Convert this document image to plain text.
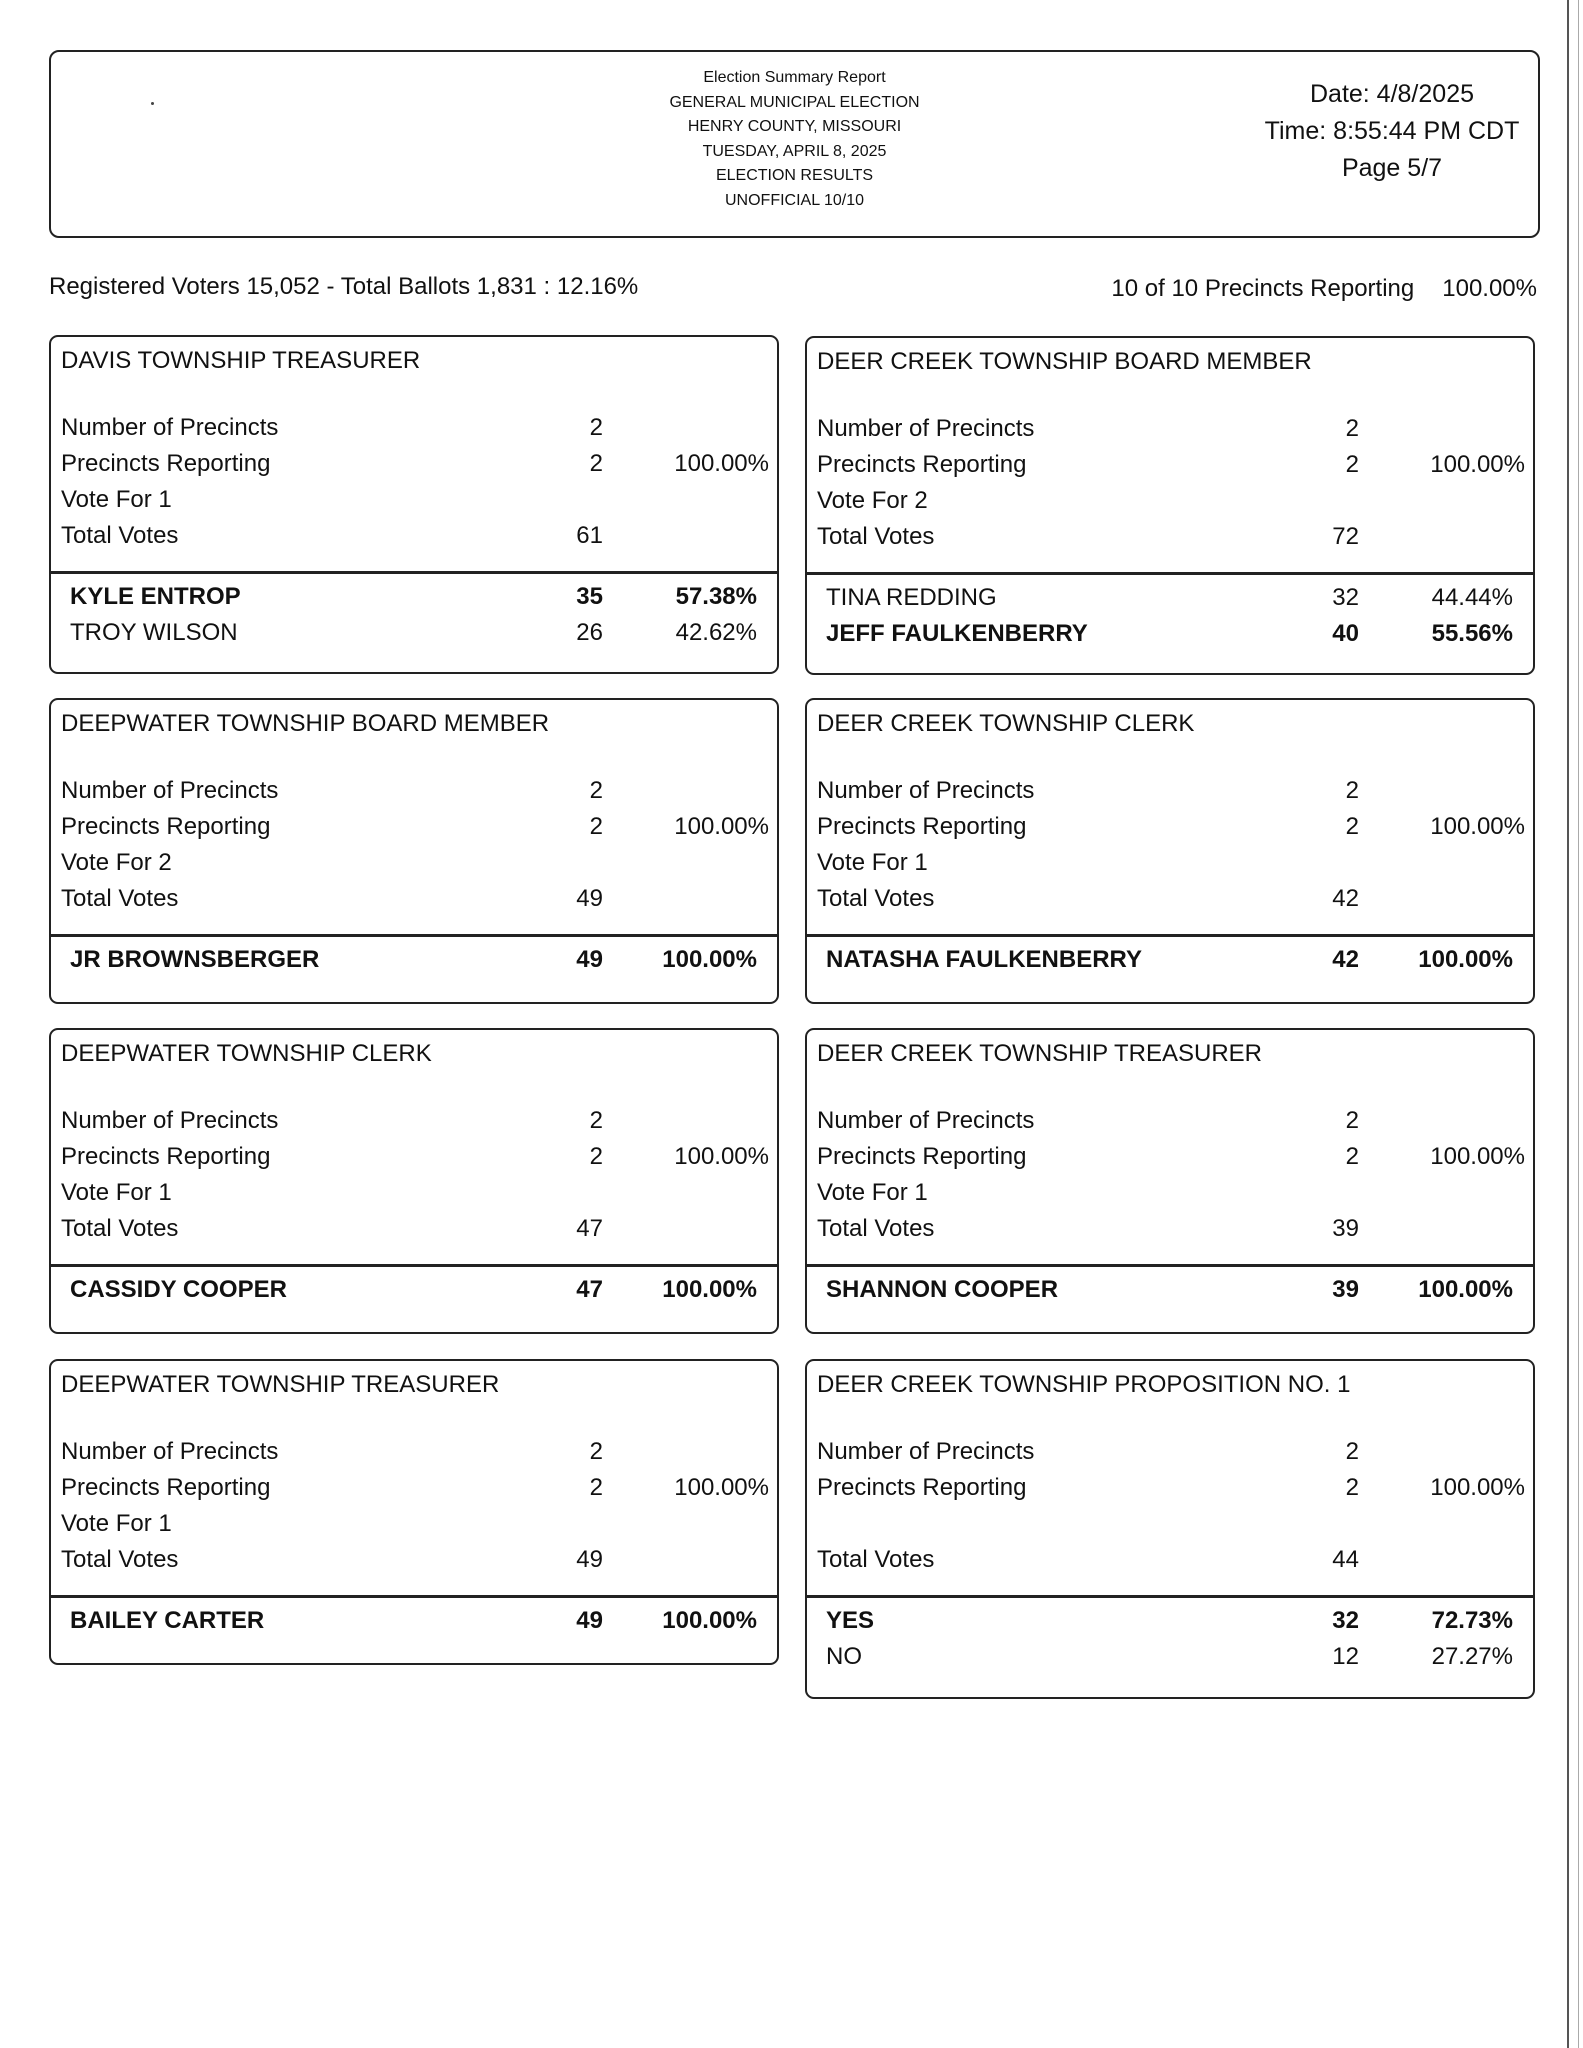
Election Summary Report
GENERAL MUNICIPAL ELECTION
HENRY COUNTY, MISSOURI
TUESDAY, APRIL 8, 2025
ELECTION RESULTS
UNOFFICIAL 10/10
Date: 4/8/2025
Time: 8:55:44 PM CDT
Page 5/7
Registered Voters 15,052 - Total Ballots 1,831 : 12.16%	10 of 10 Precincts Reporting 100.00%
DAVIS TOWNSHIP TREASURER
Number of Precincts	2
Precincts Reporting	2	100.00%
Vote For 1
Total Votes	61
KYLE ENTROP	35	57.38%
TROY WILSON	26	42.62%
DEER CREEK TOWNSHIP BOARD MEMBER
Number of Precincts	2
Precincts Reporting	2	100.00%
Vote For 2
Total Votes	72
TINA REDDING	32	44.44%
JEFF FAULKENBERRY	40	55.56%
DEEPWATER TOWNSHIP BOARD MEMBER
Number of Precincts	2
Precincts Reporting	2	100.00%
Vote For 2
Total Votes	49
JR BROWNSBERGER	49 100.00%
DEER CREEK TOWNSHIP CLERK
Number of Precincts	2
Precincts Reporting	2	100.00%
Vote For 1
Total Votes	42
NATASHA FAULKENBERRY	42 100.00%
DEEPWATER TOWNSHIP CLERK
Number of Precincts	2
Precincts Reporting	2	100.00%
Vote For 1
Total Votes	47
CASSIDY COOPER	47 100.00%
DEER CREEK TOWNSHIP TREASURER
Number of Precincts	2
Precincts Reporting	2	100.00%
Vote For 1
Total Votes	39
SHANNON COOPER	39 100.00%
DEEPWATER TOWNSHIP TREASURER
Number of Precincts	2
Precincts Reporting	2	100.00%
Vote For 1
Total Votes	49
BAILEY CARTER	49 100.00%
DEER CREEK TOWNSHIP PROPOSITION NO. 1
Number of Precincts	2
Precincts Reporting	2	100.00%
Total Votes	44
YES	32	72.73%
NO	12	27.27%
